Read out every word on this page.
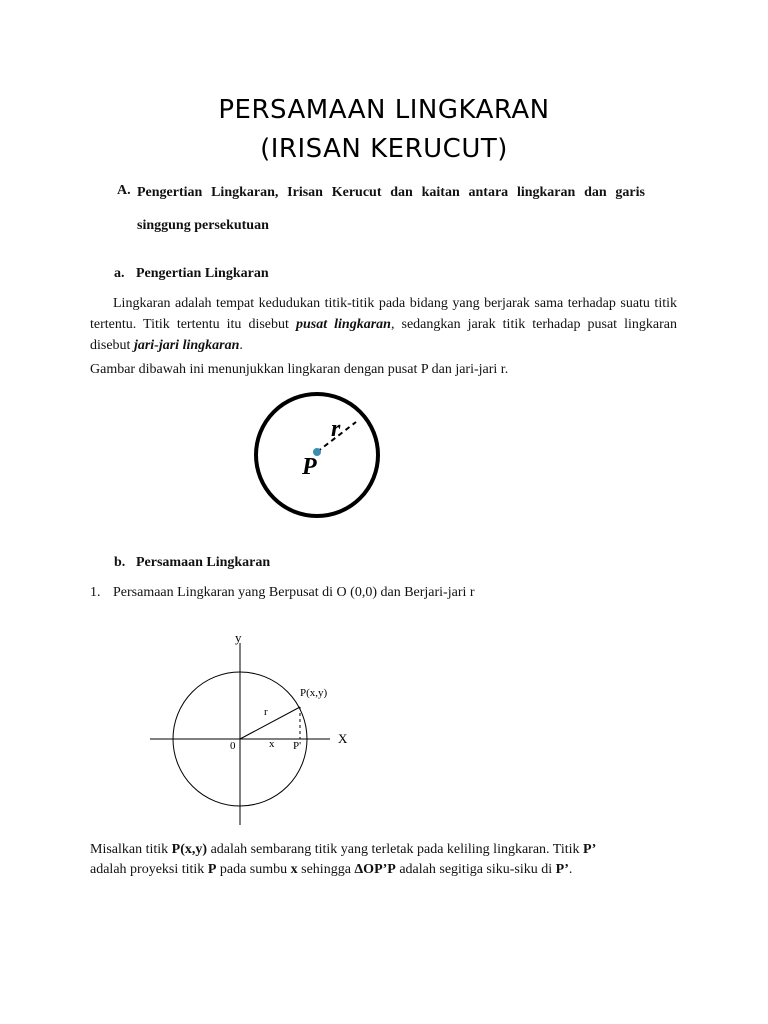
PERSAMAAN LINGKARAN
(IRISAN KERUCUT)
A. Pengertian Lingkaran, Irisan Kerucut dan kaitan antara lingkaran dan garis singgung persekutuan
a. Pengertian Lingkaran
Lingkaran adalah tempat kedudukan titik-titik pada bidang yang berjarak sama terhadap suatu titik tertentu. Titik tertentu itu disebut pusat lingkaran, sedangkan jarak titik terhadap pusat lingkaran disebut jari-jari lingkaran.
Gambar dibawah ini menunjukkan lingkaran dengan pusat P dan jari-jari r.
r
P
b. Persamaan Lingkaran
1. Persamaan Lingkaran yang Berpusat di O (0,0) dan Berjari-jari r
y
X
0
P(x,y)
r
x P'
Misalkan titik P(x,y) adalah sembarang titik yang terletak pada keliling lingkaran. Titik P’
adalah proyeksi titik P pada sumbu x sehingga ΔOP’P adalah segitiga siku-siku di P’.
